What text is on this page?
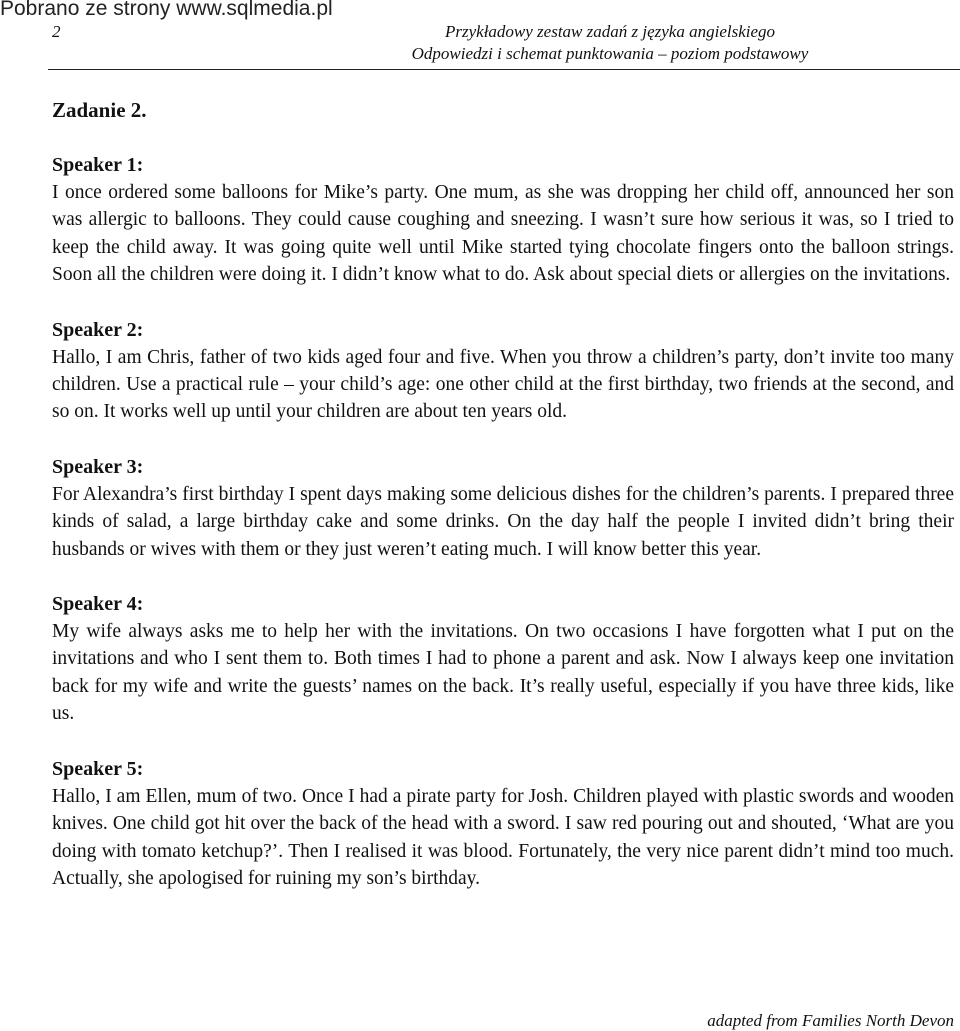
Pobrano ze strony www.sqlmedia.pl
2	Przykładowy zestaw zadań z języka angielskiego
Odpowiedzi i schemat punktowania – poziom podstawowy
Zadanie 2.
Speaker 1:

I once ordered some balloons for Mike’s party. One mum, as she was dropping her child off, announced her son was allergic to balloons. They could cause coughing and sneezing. I wasn’t sure how serious it was, so I tried to keep the child away. It was going quite well until Mike started tying chocolate fingers onto the balloon strings. Soon all the children were doing it. I didn’t know what to do. Ask about special diets or allergies on the invitations.

Speaker 2:

Hallo, I am Chris, father of two kids aged four and five. When you throw a children’s party, don’t invite too many children. Use a practical rule – your child’s age: one other child at the first birthday, two friends at the second, and so on. It works well up until your children are about ten years old.

Speaker 3:

For Alexandra’s first birthday I spent days making some delicious dishes for the children’s parents. I prepared three kinds of salad, a large birthday cake and some drinks. On the day half the people I invited didn’t bring their husbands or wives with them or they just weren’t eating much. I will know better this year.

Speaker 4:

My wife always asks me to help her with the invitations. On two occasions I have forgotten what I put on the invitations and who I sent them to. Both times I had to phone a parent and ask. Now I always keep one invitation back for my wife and write the guests’ names on the back. It’s really useful, especially if you have three kids, like us.

Speaker 5:

Hallo, I am Ellen, mum of two. Once I had a pirate party for Josh. Children played with plastic swords and wooden knives. One child got hit over the back of the head with a sword. I saw red pouring out and shouted, ‘What are you doing with tomato ketchup?’. Then I realised it was blood. Fortunately, the very nice parent didn’t mind too much. Actually, she apologised for ruining my son’s birthday.

adapted from Families North Devon
